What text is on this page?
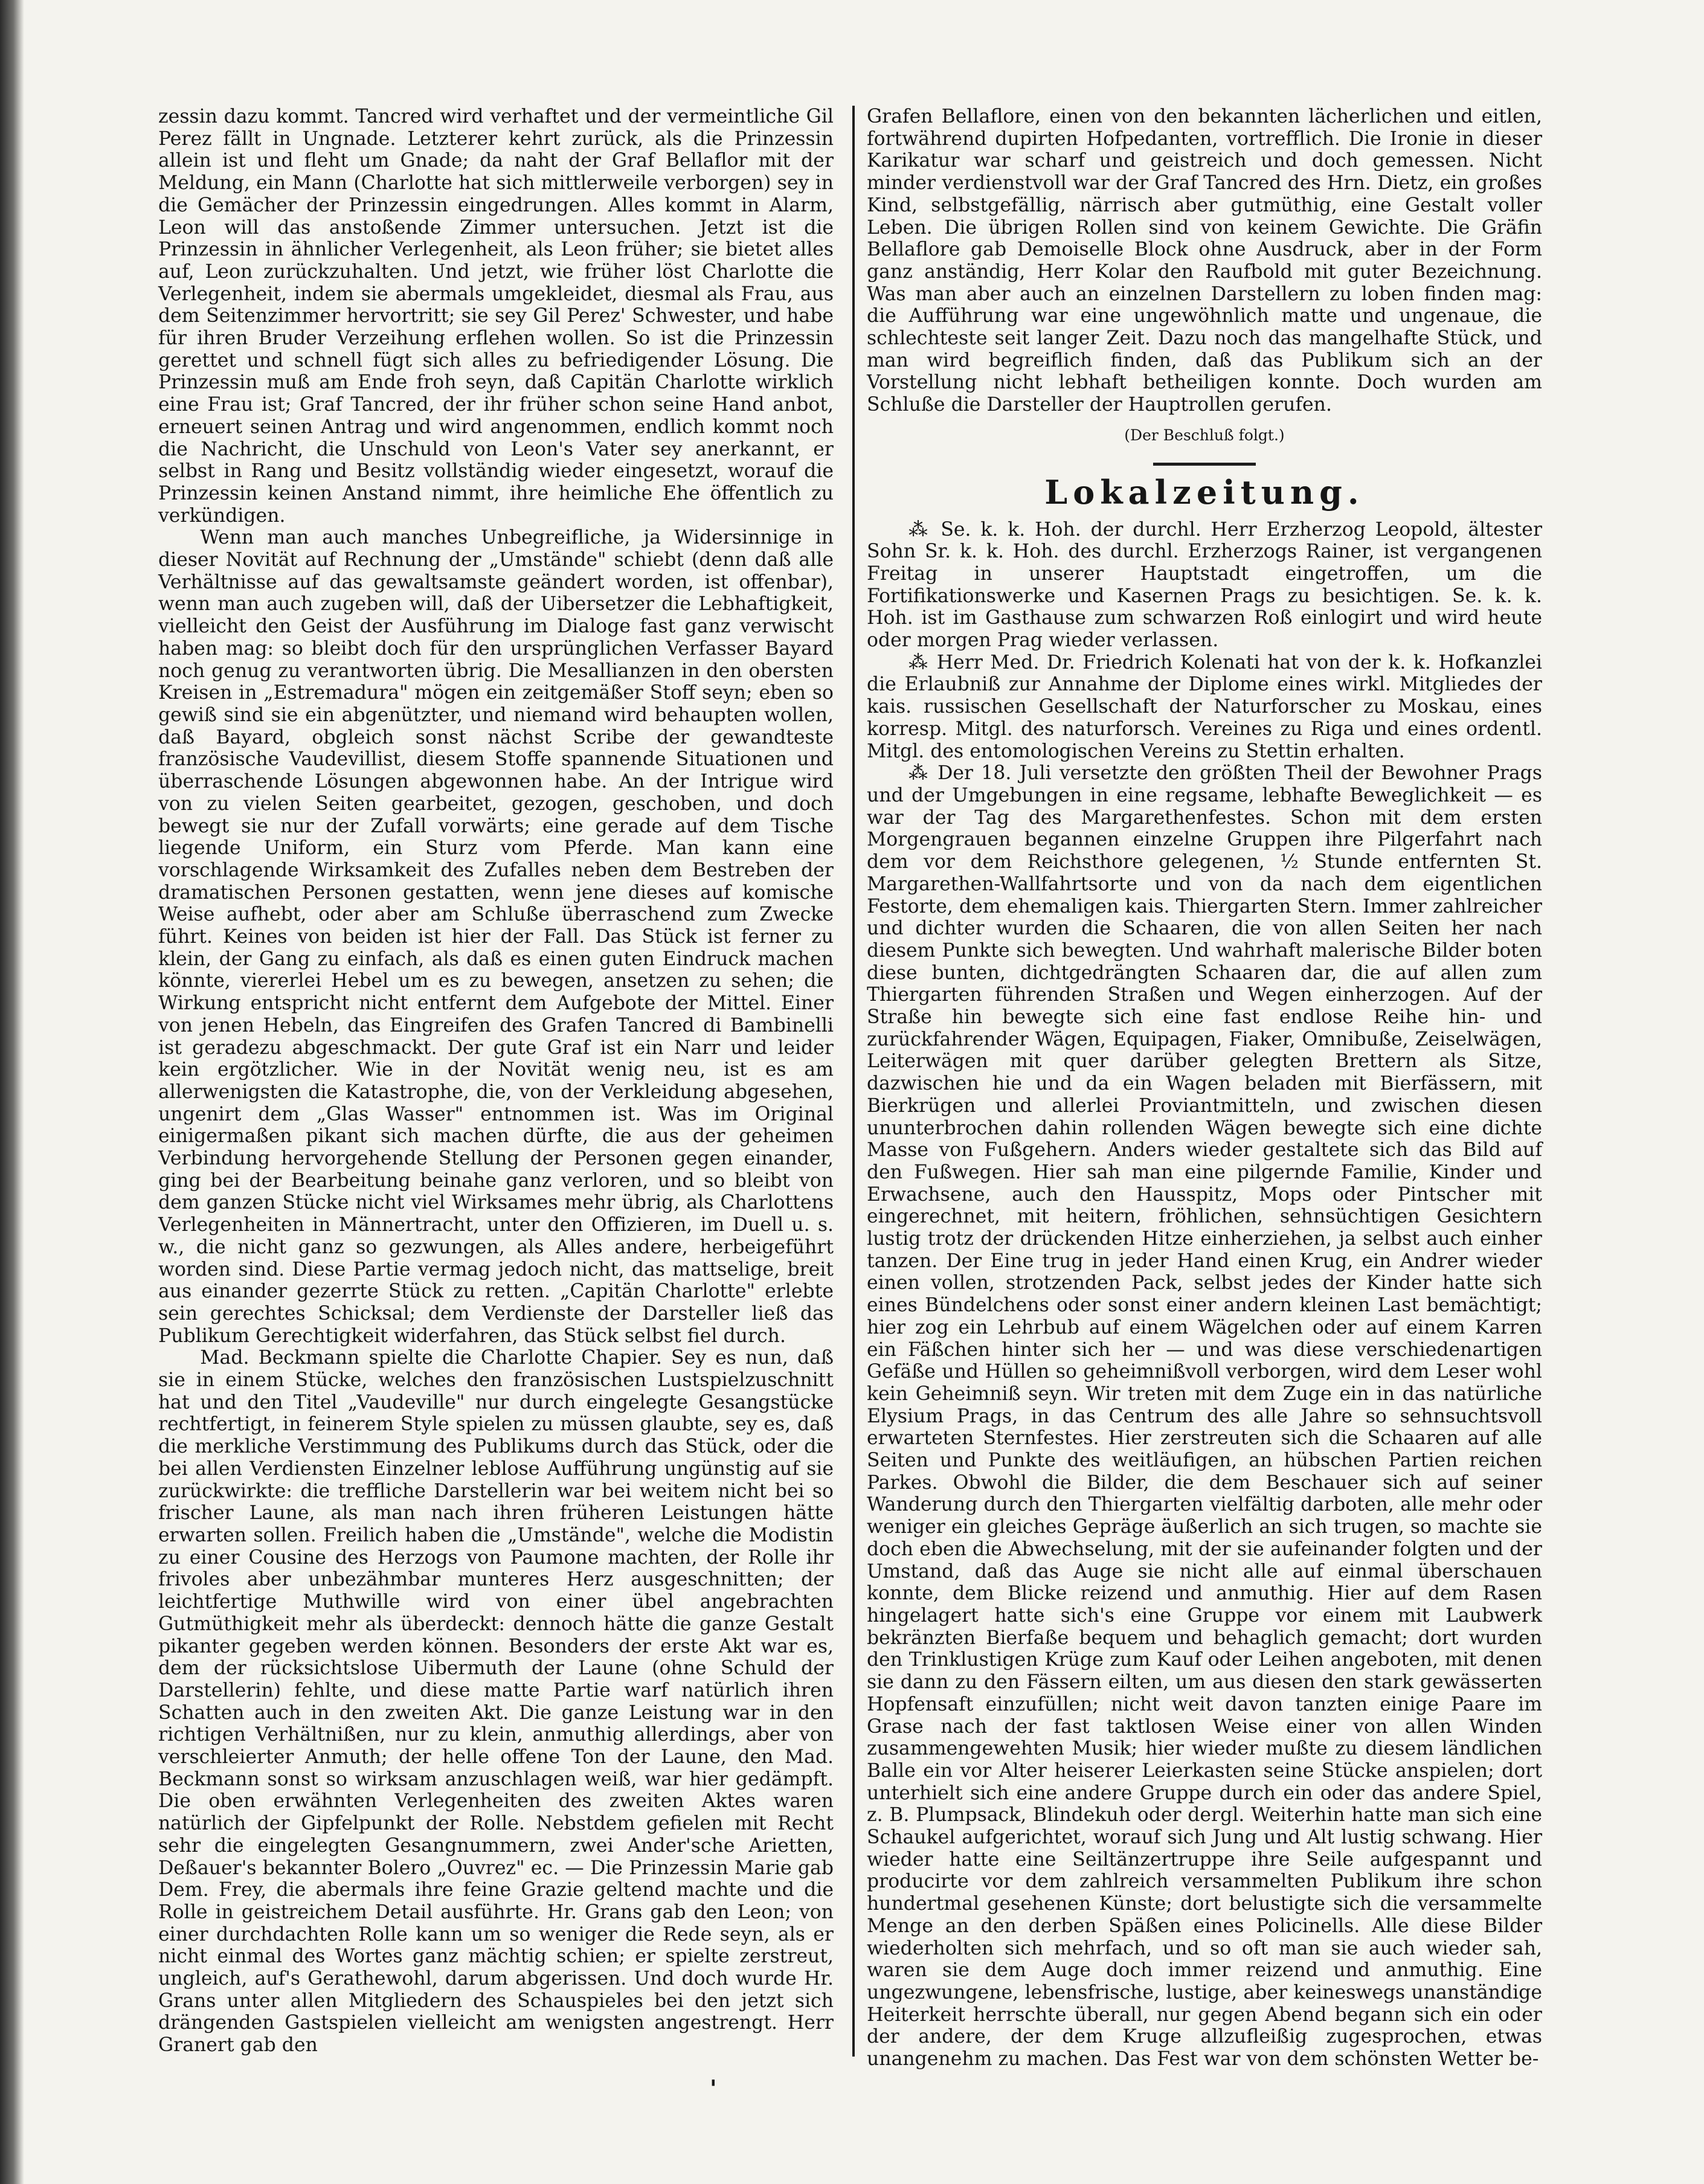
zessin dazu kommt. Tancred wird verhaftet und der vermeintliche Gil Perez fällt in Ungnade. Letzterer kehrt zurück, als die Prinzessin allein ist und fleht um Gnade; da naht der Graf Bellaflor mit der Meldung, ein Mann (Charlotte hat sich mittlerweile verborgen) sey in die Gemächer der Prinzessin eingedrungen. Alles kommt in Alarm, Leon will das anstoßende Zimmer untersuchen. Jetzt ist die Prinzessin in ähnlicher Verlegenheit, als Leon früher; sie bietet alles auf, Leon zurückzuhalten. Und jetzt, wie früher löst Charlotte die Verlegenheit, indem sie abermals umgekleidet, diesmal als Frau, aus dem Seitenzimmer hervortritt; sie sey Gil Perez' Schwester, und habe für ihren Bruder Verzeihung erflehen wollen. So ist die Prinzessin gerettet und schnell fügt sich alles zu befriedigender Lösung. Die Prinzessin muß am Ende froh seyn, daß Capitän Charlotte wirklich eine Frau ist; Graf Tancred, der ihr früher schon seine Hand anbot, erneuert seinen Antrag und wird angenommen, endlich kommt noch die Nachricht, die Unschuld von Leon's Vater sey anerkannt, er selbst in Rang und Besitz vollständig wieder eingesetzt, worauf die Prinzessin keinen Anstand nimmt, ihre heimliche Ehe öffentlich zu verkündigen.

Wenn man auch manches Unbegreifliche, ja Widersinnige in dieser Novität auf Rechnung der „Umstände" schiebt (denn daß alle Verhältnisse auf das gewaltsamste geändert worden, ist offenbar), wenn man auch zugeben will, daß der Uibersetzer die Lebhaftigkeit, vielleicht den Geist der Ausführung im Dialoge fast ganz verwischt haben mag: so bleibt doch für den ursprünglichen Verfasser Bayard noch genug zu verantworten übrig. Die Mesallianzen in den obersten Kreisen in „Estremadura" mögen ein zeitgemäßer Stoff seyn; eben so gewiß sind sie ein abgenützter, und niemand wird behaupten wollen, daß Bayard, obgleich sonst nächst Scribe der gewandteste französische Vaudevillist, diesem Stoffe spannende Situationen und überraschende Lösungen abgewonnen habe. An der Intrigue wird von zu vielen Seiten gearbeitet, gezogen, geschoben, und doch bewegt sie nur der Zufall vorwärts; eine gerade auf dem Tische liegende Uniform, ein Sturz vom Pferde. Man kann eine vorschlagende Wirksamkeit des Zufalles neben dem Bestreben der dramatischen Personen gestatten, wenn jene dieses auf komische Weise aufhebt, oder aber am Schluße überraschend zum Zwecke führt. Keines von beiden ist hier der Fall. Das Stück ist ferner zu klein, der Gang zu einfach, als daß es einen guten Eindruck machen könnte, viererlei Hebel um es zu bewegen, ansetzen zu sehen; die Wirkung entspricht nicht entfernt dem Aufgebote der Mittel. Einer von jenen Hebeln, das Eingreifen des Grafen Tancred di Bambinelli ist geradezu abgeschmackt. Der gute Graf ist ein Narr und leider kein ergötzlicher. Wie in der Novität wenig neu, ist es am allerwenigsten die Katastrophe, die, von der Verkleidung abgesehen, ungenirt dem „Glas Wasser" entnommen ist. Was im Original einigermaßen pikant sich machen dürfte, die aus der geheimen Verbindung hervorgehende Stellung der Personen gegen einander, ging bei der Bearbeitung beinahe ganz verloren, und so bleibt von dem ganzen Stücke nicht viel Wirksames mehr übrig, als Charlottens Verlegenheiten in Männertracht, unter den Offizieren, im Duell u. s. w., die nicht ganz so gezwungen, als Alles andere, herbeigeführt worden sind. Diese Partie vermag jedoch nicht, das mattselige, breit aus einander gezerrte Stück zu retten. „Capitän Charlotte" erlebte sein gerechtes Schicksal; dem Verdienste der Darsteller ließ das Publikum Gerechtigkeit widerfahren, das Stück selbst fiel durch.

Mad. Beckmann spielte die Charlotte Chapier. Sey es nun, daß sie in einem Stücke, welches den französischen Lustspielzuschnitt hat und den Titel „Vaudeville" nur durch eingelegte Gesangstücke rechtfertigt, in feinerem Style spielen zu müssen glaubte, sey es, daß die merkliche Verstimmung des Publikums durch das Stück, oder die bei allen Verdiensten Einzelner leblose Aufführung ungünstig auf sie zurückwirkte: die treffliche Darstellerin war bei weitem nicht bei so frischer Laune, als man nach ihren früheren Leistungen hätte erwarten sollen. Freilich haben die „Umstände", welche die Modistin zu einer Cousine des Herzogs von Paumone machten, der Rolle ihr frivoles aber unbezähmbar munteres Herz ausgeschnitten; der leichtfertige Muthwille wird von einer übel angebrachten Gutmüthigkeit mehr als überdeckt: dennoch hätte die ganze Gestalt pikanter gegeben werden können. Besonders der erste Akt war es, dem der rücksichtslose Uibermuth der Laune (ohne Schuld der Darstellerin) fehlte, und diese matte Partie warf natürlich ihren Schatten auch in den zweiten Akt. Die ganze Leistung war in den richtigen Verhältnißen, nur zu klein, anmuthig allerdings, aber von verschleierter Anmuth; der helle offene Ton der Laune, den Mad. Beckmann sonst so wirksam anzuschlagen weiß, war hier gedämpft. Die oben erwähnten Verlegenheiten des zweiten Aktes waren natürlich der Gipfelpunkt der Rolle. Nebstdem gefielen mit Recht sehr die eingelegten Gesangnummern, zwei Ander'sche Arietten, Deßauer's bekannter Bolero „Ouvrez" ec. — Die Prinzessin Marie gab Dem. Frey, die abermals ihre feine Grazie geltend machte und die Rolle in geistreichem Detail ausführte. Hr. Grans gab den Leon; von einer durchdachten Rolle kann um so weniger die Rede seyn, als er nicht einmal des Wortes ganz mächtig schien; er spielte zerstreut, ungleich, auf's Gerathewohl, darum abgerissen. Und doch wurde Hr. Grans unter allen Mitgliedern des Schauspieles bei den jetzt sich drängenden Gastspielen vielleicht am wenigsten angestrengt. Herr Granert gab den

Grafen Bellaflore, einen von den bekannten lächerlichen und eitlen, fortwährend dupirten Hofpedanten, vortrefflich. Die Ironie in dieser Karikatur war scharf und geistreich und doch gemessen. Nicht minder verdienstvoll war der Graf Tancred des Hrn. Dietz, ein großes Kind, selbstgefällig, närrisch aber gutmüthig, eine Gestalt voller Leben. Die übrigen Rollen sind von keinem Gewichte. Die Gräfin Bellaflore gab Demoiselle Block ohne Ausdruck, aber in der Form ganz anständig, Herr Kolar den Raufbold mit guter Bezeichnung. Was man aber auch an einzelnen Darstellern zu loben finden mag: die Aufführung war eine ungewöhnlich matte und ungenaue, die schlechteste seit langer Zeit. Dazu noch das mangelhafte Stück, und man wird begreiflich finden, daß das Publikum sich an der Vorstellung nicht lebhaft betheiligen konnte. Doch wurden am Schluße die Darsteller der Hauptrollen gerufen.

(Der Beschluß folgt.)
Lokalzeitung.

⁂ Se. k. k. Hoh. der durchl. Herr Erzherzog Leopold, ältester Sohn Sr. k. k. Hoh. des durchl. Erzherzogs Rainer, ist vergangenen Freitag in unserer Hauptstadt eingetroffen, um die Fortifikationswerke und Kasernen Prags zu besichtigen. Se. k. k. Hoh. ist im Gasthause zum schwarzen Roß einlogirt und wird heute oder morgen Prag wieder verlassen.

⁂ Herr Med. Dr. Friedrich Kolenati hat von der k. k. Hofkanzlei die Erlaubniß zur Annahme der Diplome eines wirkl. Mitgliedes der kais. russischen Gesellschaft der Naturforscher zu Moskau, eines korresp. Mitgl. des naturforsch. Vereines zu Riga und eines ordentl. Mitgl. des entomologischen Vereins zu Stettin erhalten.

⁂ Der 18. Juli versetzte den größten Theil der Bewohner Prags und der Umgebungen in eine regsame, lebhafte Beweglichkeit — es war der Tag des Margarethenfestes. Schon mit dem ersten Morgengrauen begannen einzelne Gruppen ihre Pilgerfahrt nach dem vor dem Reichsthore gelegenen, ½ Stunde entfernten St. Margarethen-Wallfahrtsorte und von da nach dem eigentlichen Festorte, dem ehemaligen kais. Thiergarten Stern. Immer zahlreicher und dichter wurden die Schaaren, die von allen Seiten her nach diesem Punkte sich bewegten. Und wahrhaft malerische Bilder boten diese bunten, dichtgedrängten Schaaren dar, die auf allen zum Thiergarten führenden Straßen und Wegen einherzogen. Auf der Straße hin bewegte sich eine fast endlose Reihe hin- und zurückfahrender Wägen, Equipagen, Fiaker, Omnibuße, Zeiselwägen, Leiterwägen mit quer darüber gelegten Brettern als Sitze, dazwischen hie und da ein Wagen beladen mit Bierfässern, mit Bierkrügen und allerlei Proviantmitteln, und zwischen diesen ununterbrochen dahin rollenden Wägen bewegte sich eine dichte Masse von Fußgehern. Anders wieder gestaltete sich das Bild auf den Fußwegen. Hier sah man eine pilgernde Familie, Kinder und Erwachsene, auch den Hausspitz, Mops oder Pintscher mit eingerechnet, mit heitern, fröhlichen, sehnsüchtigen Gesichtern lustig trotz der drückenden Hitze einherziehen, ja selbst auch einher tanzen. Der Eine trug in jeder Hand einen Krug, ein Andrer wieder einen vollen, strotzenden Pack, selbst jedes der Kinder hatte sich eines Bündelchens oder sonst einer andern kleinen Last bemächtigt; hier zog ein Lehrbub auf einem Wägelchen oder auf einem Karren ein Fäßchen hinter sich her — und was diese verschiedenartigen Gefäße und Hüllen so geheimnißvoll verborgen, wird dem Leser wohl kein Geheimniß seyn. Wir treten mit dem Zuge ein in das natürliche Elysium Prags, in das Centrum des alle Jahre so sehnsuchtsvoll erwarteten Sternfestes. Hier zerstreuten sich die Schaaren auf alle Seiten und Punkte des weitläufigen, an hübschen Partien reichen Parkes. Obwohl die Bilder, die dem Beschauer sich auf seiner Wanderung durch den Thiergarten vielfältig darboten, alle mehr oder weniger ein gleiches Gepräge äußerlich an sich trugen, so machte sie doch eben die Abwechselung, mit der sie aufeinander folgten und der Umstand, daß das Auge sie nicht alle auf einmal überschauen konnte, dem Blicke reizend und anmuthig. Hier auf dem Rasen hingelagert hatte sich's eine Gruppe vor einem mit Laubwerk bekränzten Bierfaße bequem und behaglich gemacht; dort wurden den Trinklustigen Krüge zum Kauf oder Leihen angeboten, mit denen sie dann zu den Fässern eilten, um aus diesen den stark gewässerten Hopfensaft einzufüllen; nicht weit davon tanzten einige Paare im Grase nach der fast taktlosen Weise einer von allen Winden zusammengewehten Musik; hier wieder mußte zu diesem ländlichen Balle ein vor Alter heiserer Leierkasten seine Stücke anspielen; dort unterhielt sich eine andere Gruppe durch ein oder das andere Spiel, z. B. Plumpsack, Blindekuh oder dergl. Weiterhin hatte man sich eine Schaukel aufgerichtet, worauf sich Jung und Alt lustig schwang. Hier wieder hatte eine Seiltänzertruppe ihre Seile aufgespannt und producirte vor dem zahlreich versammelten Publikum ihre schon hundertmal gesehenen Künste; dort belustigte sich die versammelte Menge an den derben Späßen eines Policinells. Alle diese Bilder wiederholten sich mehrfach, und so oft man sie auch wieder sah, waren sie dem Auge doch immer reizend und anmuthig. Eine ungezwungene, lebensfrische, lustige, aber keineswegs unanständige Heiterkeit herrschte überall, nur gegen Abend begann sich ein oder der andere, der dem Kruge allzufleißig zugesprochen, etwas unangenehm zu machen. Das Fest war von dem schönsten Wetter be-

'
